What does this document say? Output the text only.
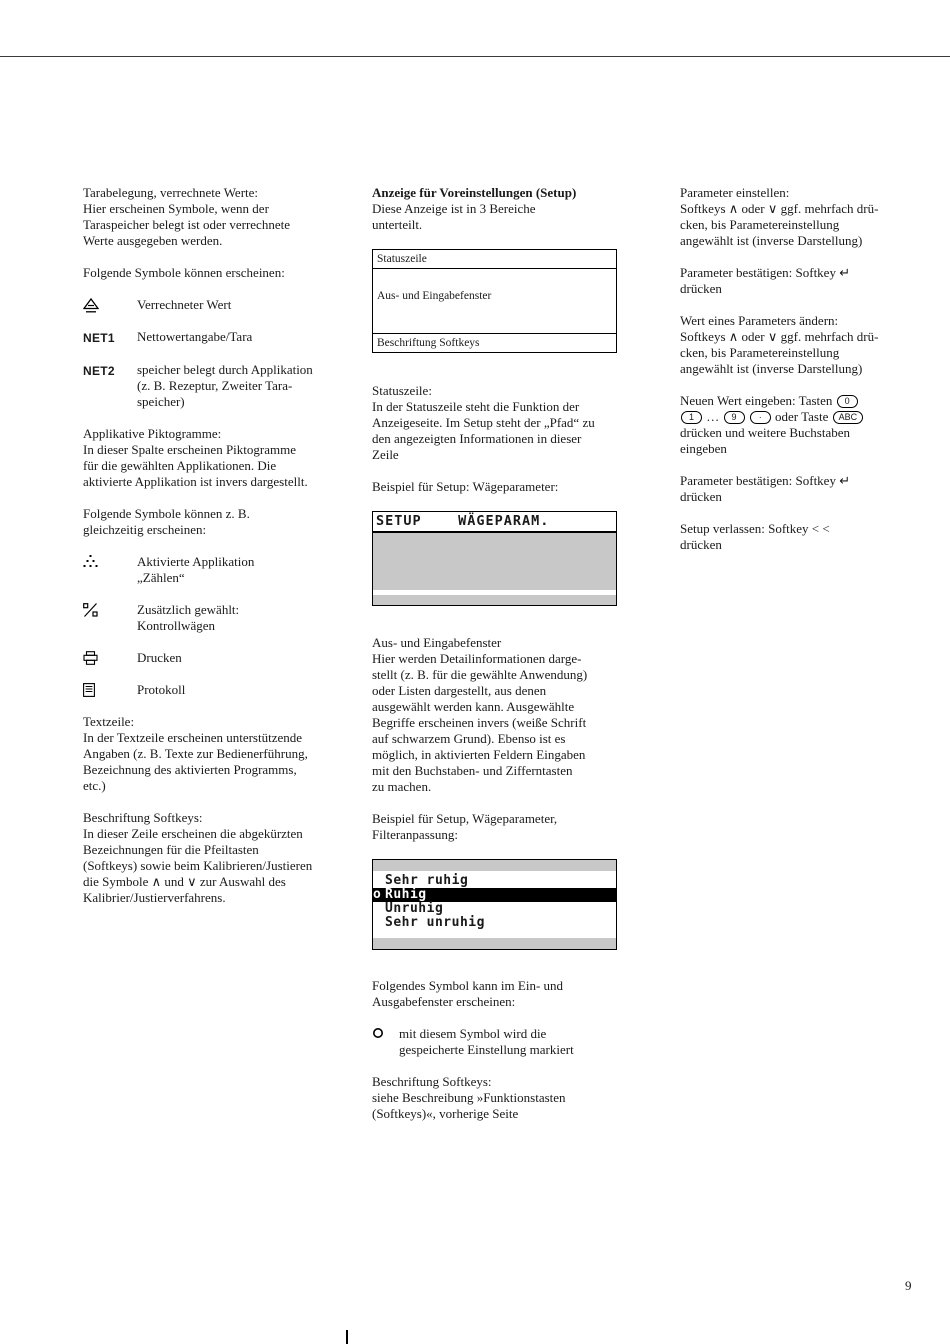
Tarabelegung, verrechnete Werte:
Hier erscheinen Symbole, wenn der
Taraspeicher belegt ist oder verrechnete
Werte ausgegeben werden.

Folgende Symbole können erscheinen:

Verrechneter Wert
NET1	Nettowertangabe/Tara
NET2	speicher belegt durch Applikation
(z. B. Rezeptur, Zweiter Tara-
speicher)

Applikative Piktogramme:
In dieser Spalte erscheinen Piktogramme
für die gewählten Applikationen. Die
aktivierte Applikation ist invers dargestellt.

Folgende Symbole können z. B.
gleichzeitig erscheinen:

Aktivierte Applikation
„Zählen“
Zusätzlich gewählt:
Kontrollwägen
Drucken
Protokoll

Textzeile:
In der Textzeile erscheinen unterstützende
Angaben (z. B. Texte zur Bedienerführung,
Bezeichnung des aktivierten Programms,
etc.)

Beschriftung Softkeys:
In dieser Zeile erscheinen die abgekürzten
Bezeichnungen für die Pfeiltasten
(Softkeys) sowie beim Kalibrieren/Justieren
die Symbole ∧ und ∨ zur Auswahl des
Kalibrier/Justierverfahrens.

Anzeige für Voreinstellungen (Setup)

Diese Anzeige ist in 3 Bereiche
unterteilt.

Statuszeile
Aus- und Eingabefenster
Beschriftung Softkeys

Statuszeile:
In der Statuszeile steht die Funktion der
Anzeigeseite. Im Setup steht der „Pfad“ zu
den angezeigten Informationen in dieser
Zeile

Beispiel für Setup: Wägeparameter:

SETUP    WÄGEPARAM.

Aus- und Eingabefenster
Hier werden Detailinformationen darge-
stellt (z. B. für die gewählte Anwendung)
oder Listen dargestellt, aus denen
ausgewählt werden kann. Ausgewählte
Begriffe erscheinen invers (weiße Schrift
auf schwarzem Grund). Ebenso ist es
möglich, in aktivierten Feldern Eingaben
mit den Buchstaben- und Zifferntasten
zu machen.

Beispiel für Setup, Wägeparameter,
Filteranpassung:

Sehr ruhig
o Ruhig
Unruhig
Sehr unruhig

Folgendes Symbol kann im Ein- und
Ausgabefenster erscheinen:

mit diesem Symbol wird die
gespeicherte Einstellung markiert

Beschriftung Softkeys:
siehe Beschreibung »Funktionstasten
(Softkeys)«, vorherige Seite

Parameter einstellen:
Softkeys ∧ oder ∨ ggf. mehrfach drü-
cken, bis Parametereinstellung
angewählt ist (inverse Darstellung)

Parameter bestätigen: Softkey ↵
drücken

Wert eines Parameters ändern:
Softkeys ∧ oder ∨ ggf. mehrfach drü-
cken, bis Parametereinstellung
angewählt ist (inverse Darstellung)

Neuen Wert eingeben: Tasten 0
1 … 9 · oder Taste ABC
drücken und weitere Buchstaben
eingeben

Parameter bestätigen: Softkey ↵
drücken

Setup verlassen: Softkey < <
drücken

9
